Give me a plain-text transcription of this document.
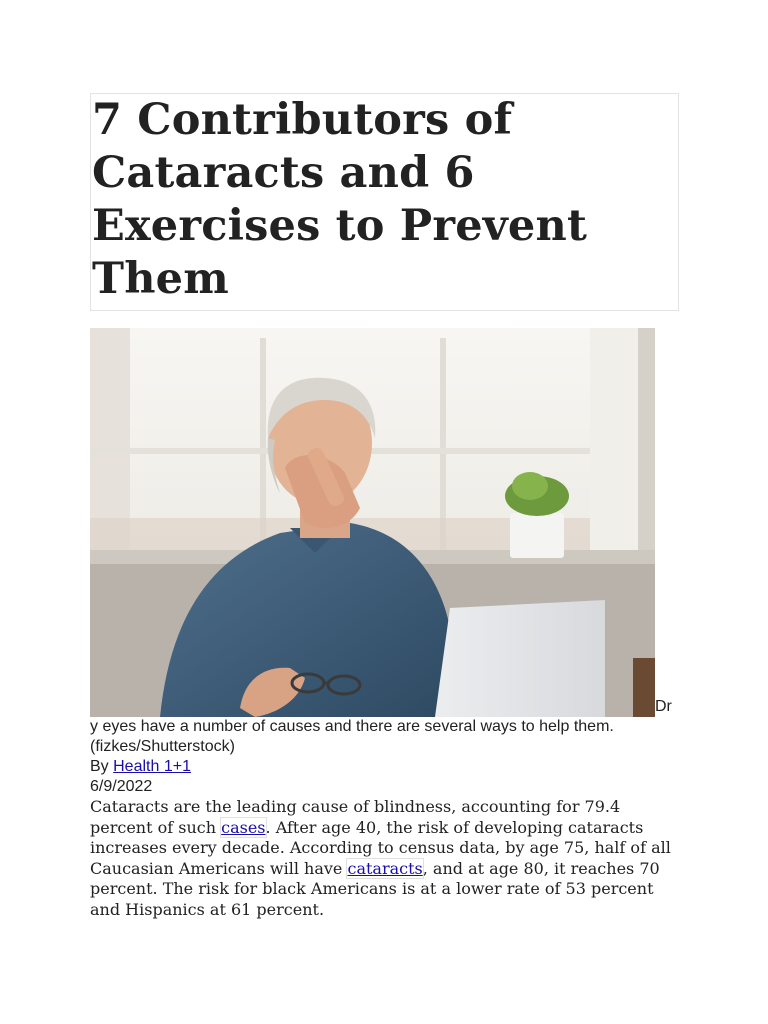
7 Contributors of Cataracts and 6 Exercises to Prevent Them
Dr
y eyes have a number of causes and there are several ways to help them. (fizkes/Shutterstock)
By Health 1+1
6/9/2022

Cataracts are the leading cause of blindness, accounting for 79.4 percent of such cases. After age 40, the risk of developing cataracts increases every decade. According to census data, by age 75, half of all Caucasian Americans will have cataracts, and at age 80, it reaches 70 percent. The risk for black Americans is at a lower rate of 53 percent and Hispanics at 61 percent.
